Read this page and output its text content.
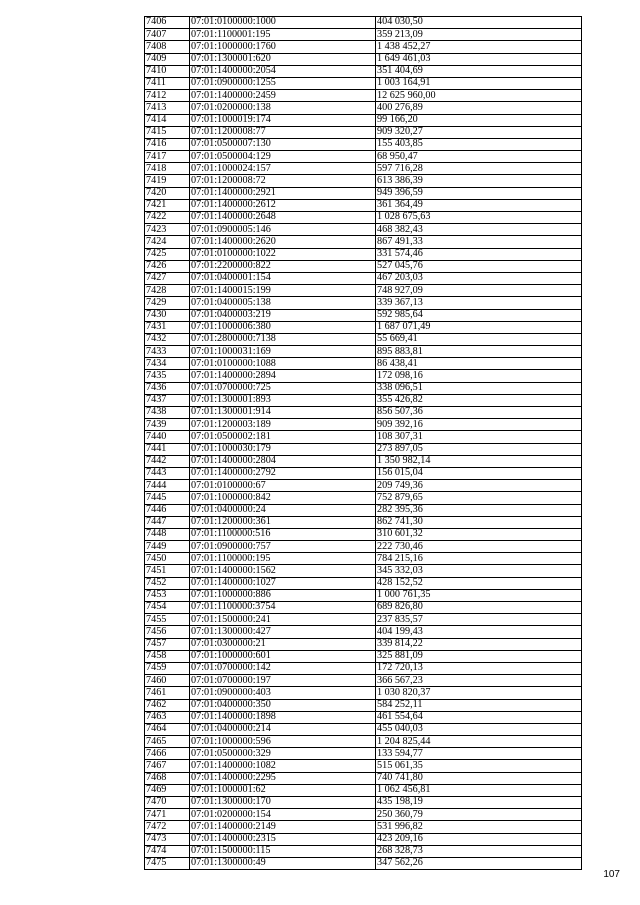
7406	07:01:0100000:1000	404 030,50
7407	07:01:1100001:195	359 213,09
7408	07:01:1000000:1760	1 438 452,27
7409	07:01:1300001:620	1 649 461,03
7410	07:01:1400000:2054	351 404,69
7411	07:01:0900000:1255	1 003 164,91
7412	07:01:1400000:2459	12 625 960,00
7413	07:01:0200000:138	400 276,89
7414	07:01:1000019:174	99 166,20
7415	07:01:1200008:77	909 320,27
7416	07:01:0500007:130	155 403,85
7417	07:01:0500004:129	68 950,47
7418	07:01:1000024:157	597 716,28
7419	07:01:1200008:72	613 386,39
7420	07:01:1400000:2921	949 396,59
7421	07:01:1400000:2612	361 364,49
7422	07:01:1400000:2648	1 028 675,63
7423	07:01:0900005:146	468 382,43
7424	07:01:1400000:2620	867 491,33
7425	07:01:0100000:1022	331 574,46
7426	07:01:2200000:822	527 045,76
7427	07:01:0400001:154	467 203,03
7428	07:01:1400015:199	748 927,09
7429	07:01:0400005:138	339 367,13
7430	07:01:0400003:219	592 985,64
7431	07:01:1000006:380	1 687 071,49
7432	07:01:2800000:7138	55 669,41
7433	07:01:1000031:169	895 883,81
7434	07:01:0100000:1088	86 438,41
7435	07:01:1400000:2894	172 098,16
7436	07:01:0700000:725	338 096,51
7437	07:01:1300001:893	355 426,82
7438	07:01:1300001:914	856 507,36
7439	07:01:1200003:189	909 392,16
7440	07:01:0500002:181	108 307,31
7441	07:01:1000030:179	273 897,05
7442	07:01:1400000:2804	1 350 982,14
7443	07:01:1400000:2792	156 015,04
7444	07:01:0100000:67	209 749,36
7445	07:01:1000000:842	752 879,65
7446	07:01:0400000:24	282 395,36
7447	07:01:1200000:361	862 741,30
7448	07:01:1100000:516	310 601,32
7449	07:01:0900000:757	222 730,46
7450	07:01:1100000:195	784 215,16
7451	07:01:1400000:1562	345 332,03
7452	07:01:1400000:1027	428 152,52
7453	07:01:1000000:886	1 000 761,35
7454	07:01:1100000:3754	689 826,80
7455	07:01:1500000:241	237 835,57
7456	07:01:1300000:427	404 199,43
7457	07:01:0300000:21	339 814,22
7458	07:01:1000000:601	325 881,09
7459	07:01:0700000:142	172 720,13
7460	07:01:0700000:197	366 567,23
7461	07:01:0900000:403	1 030 820,37
7462	07:01:0400000:350	584 252,11
7463	07:01:1400000:1898	461 554,64
7464	07:01:0400000:214	455 040,03
7465	07:01:1000000:596	1 204 825,44
7466	07:01:0500000:329	133 594,77
7467	07:01:1400000:1082	515 061,35
7468	07:01:1400000:2295	740 741,80
7469	07:01:1000001:62	1 062 456,81
7470	07:01:1300000:170	435 198,19
7471	07:01:0200000:154	250 360,79
7472	07:01:1400000:2149	531 996,82
7473	07:01:1400000:2315	423 209,16
7474	07:01:1500000:115	268 328,73
7475	07:01:1300000:49	347 562,26
107
